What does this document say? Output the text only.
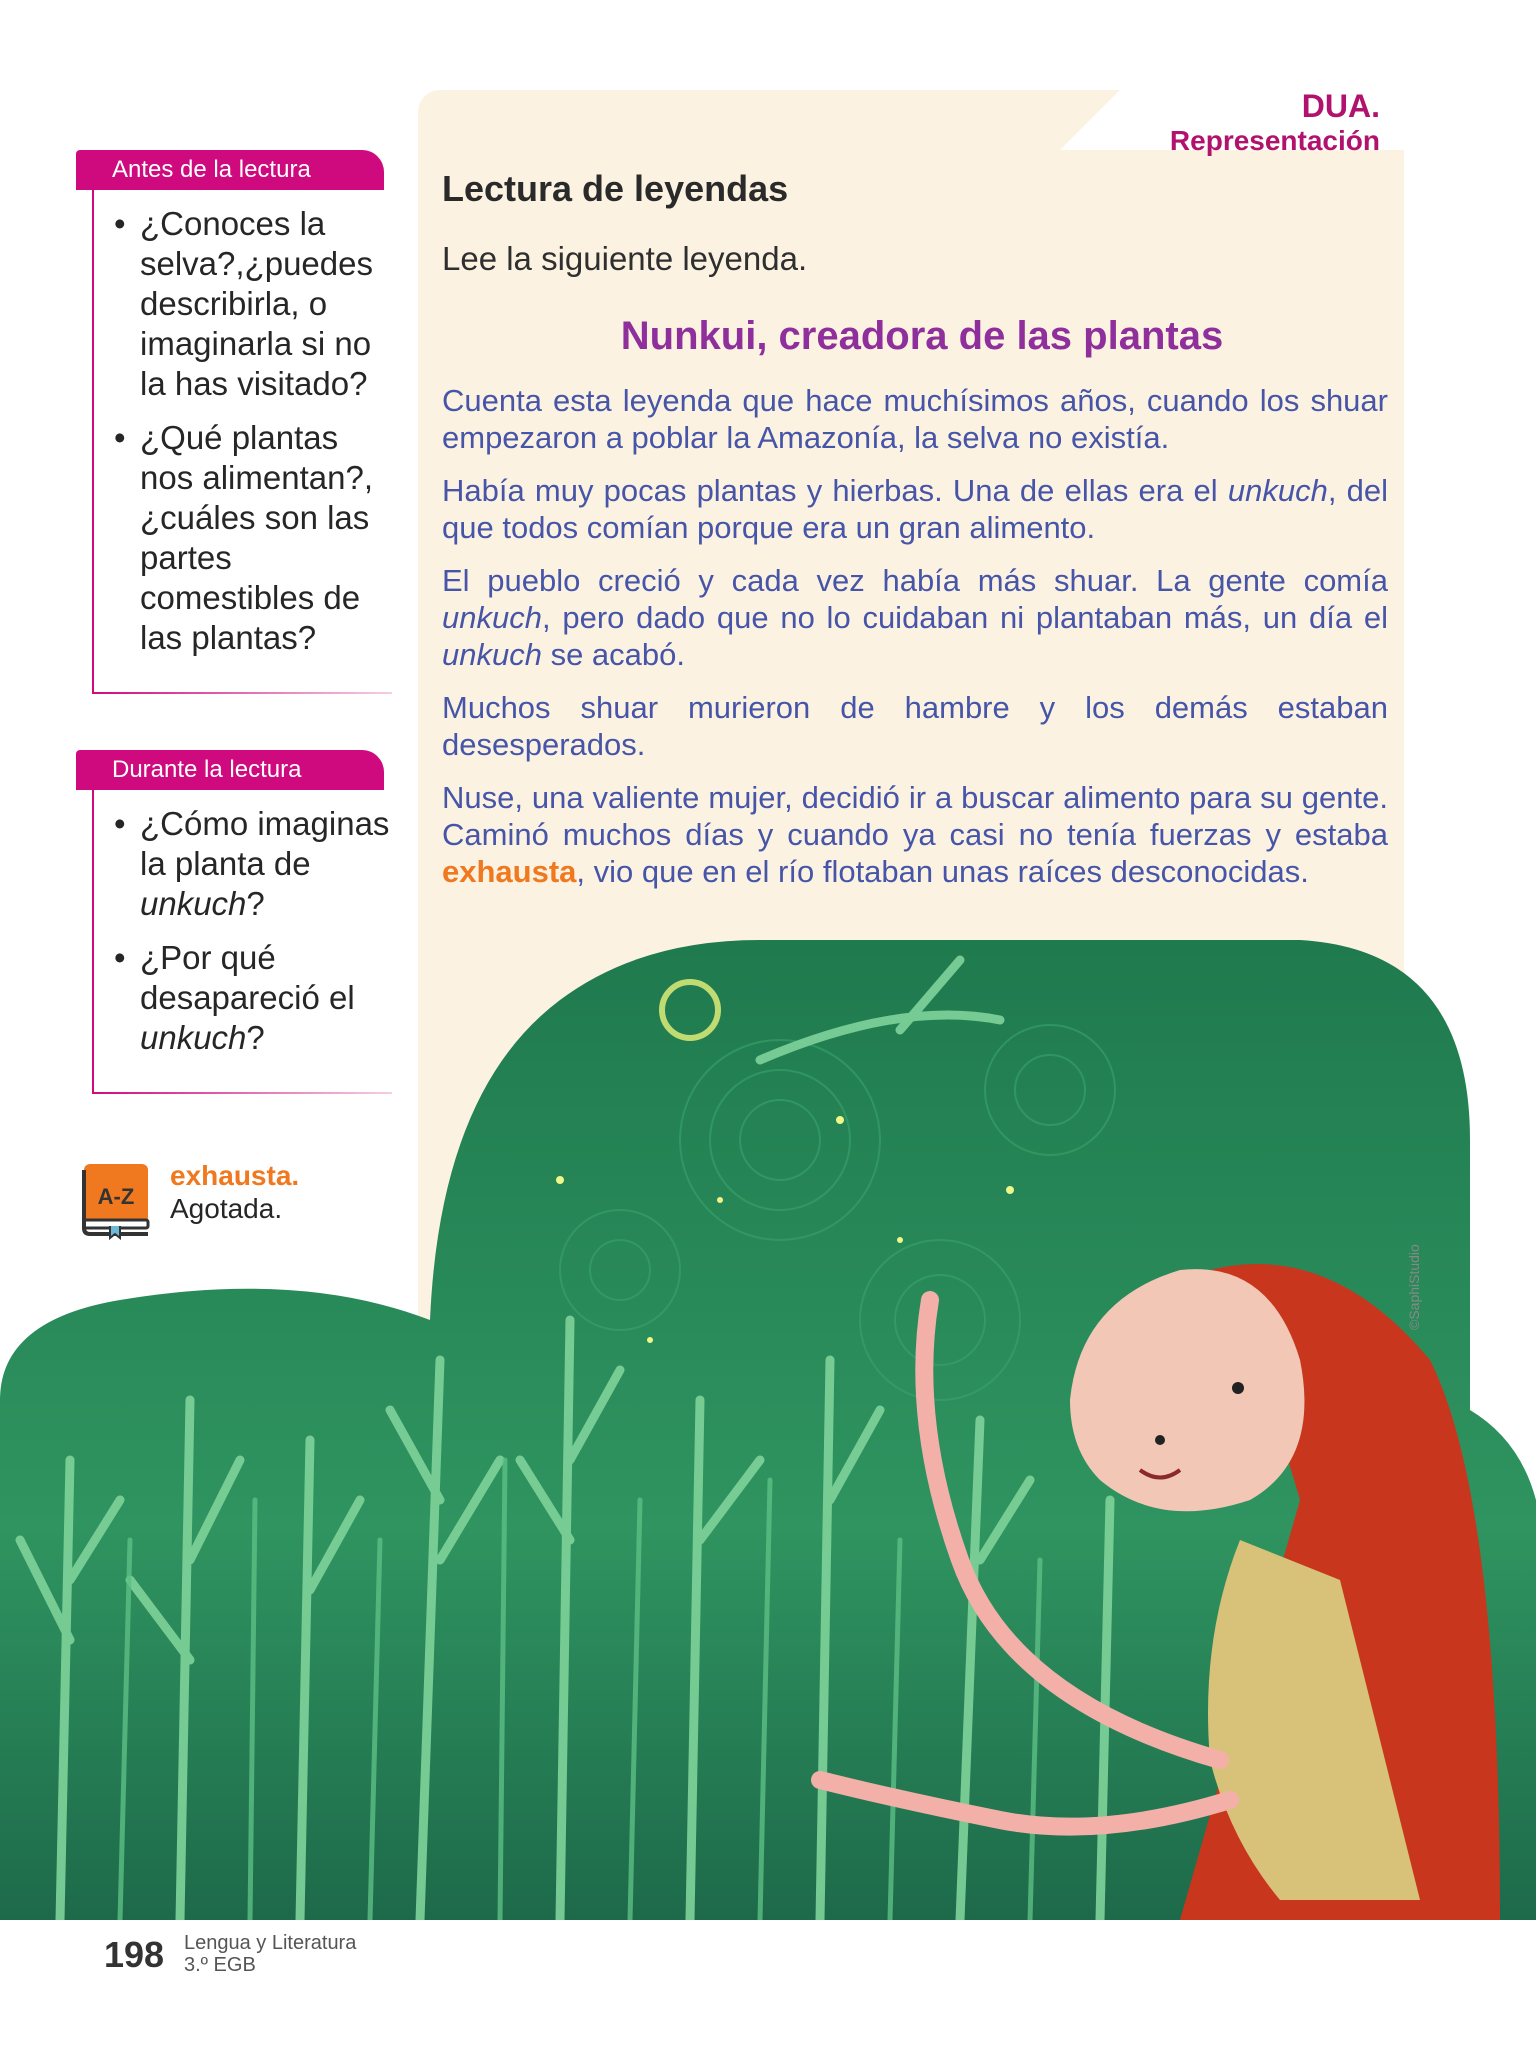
DUA.
Representación
Lectura de leyendas
Lee la siguiente leyenda.
Nunkui, creadora de las plantas

Cuenta esta leyenda que hace muchísimos años, cuando los shuar empezaron a poblar la Amazonía, la selva no existía.

Había muy pocas plantas y hierbas. Una de ellas era el unkuch, del que todos comían porque era un gran alimento.

El pueblo creció y cada vez había más shuar. La gente comía unkuch, pero dado que no lo cuidaban ni plantaban más, un día el unkuch se acabó.

Muchos shuar murieron de hambre y los demás estaban desesperados.

Nuse, una valiente mujer, decidió ir a buscar alimento para su gente. Caminó muchos días y cuando ya casi no tenía fuerzas y estaba exhausta, vio que en el río flotaban unas raíces desconocidas.

Antes de la lectura
• ¿Conoces la selva?,¿puedes describirla, o imaginarla si no la has visitado?
• ¿Qué plantas nos alimentan?, ¿cuáles son las partes comestibles de las plantas?
Durante la lectura
• ¿Cómo imaginas la planta de unkuch?
• ¿Por qué desapareció el unkuch?
A-Z
exhausta.
Agotada.
©SaphiStudio
198 Lengua y Literatura
3.º EGB
